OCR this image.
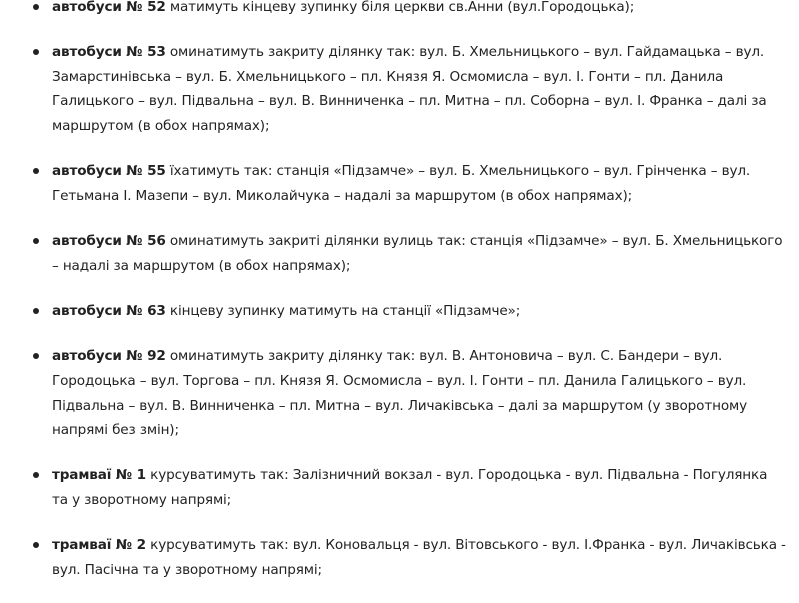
автобуси № 52 матимуть кінцеву зупинку біля церкви св.Анни (вул.Городоцька);
автобуси № 53 оминатимуть закриту ділянку так: вул. Б. Хмельницького – вул. Гайдамацька – вул. Замарстинівська – вул. Б. Хмельницького – пл. Князя Я. Осмомисла – вул. І. Гонти – пл. Данила Галицького – вул. Підвальна – вул. В. Винниченка – пл. Митна – пл. Соборна – вул. І. Франка – далі за маршрутом (в обох напрямах);
автобуси № 55 їхатимуть так: станція «Підзамче» – вул. Б. Хмельницького – вул. Грінченка – вул. Гетьмана І. Мазепи – вул. Миколайчука – надалі за маршрутом (в обох напрямах);
автобуси № 56 оминатимуть закриті ділянки вулиць так: станція «Підзамче» – вул. Б. Хмельницького – надалі за маршрутом (в обох напрямах);
автобуси № 63 кінцеву зупинку матимуть на станції «Підзамче»;
автобуси № 92 оминатимуть закриту ділянку так: вул. В. Антоновича – вул. С. Бандери – вул. Городоцька – вул. Торгова – пл. Князя Я. Осмомисла – вул. І. Гонти – пл. Данила Галицького – вул. Підвальна – вул. В. Винниченка – пл. Митна – вул. Личаківська – далі за маршрутом (у зворотному напрямі без змін);
трамваї № 1 курсуватимуть так: Залізничний вокзал - вул. Городоцька - вул. Підвальна - Погулянка та у зворотному напрямі;
трамваї № 2 курсуватимуть так: вул. Коновальця - вул. Вітовського - вул. І.Франка - вул. Личаківська - вул. Пасічна та у зворотному напрямі;
